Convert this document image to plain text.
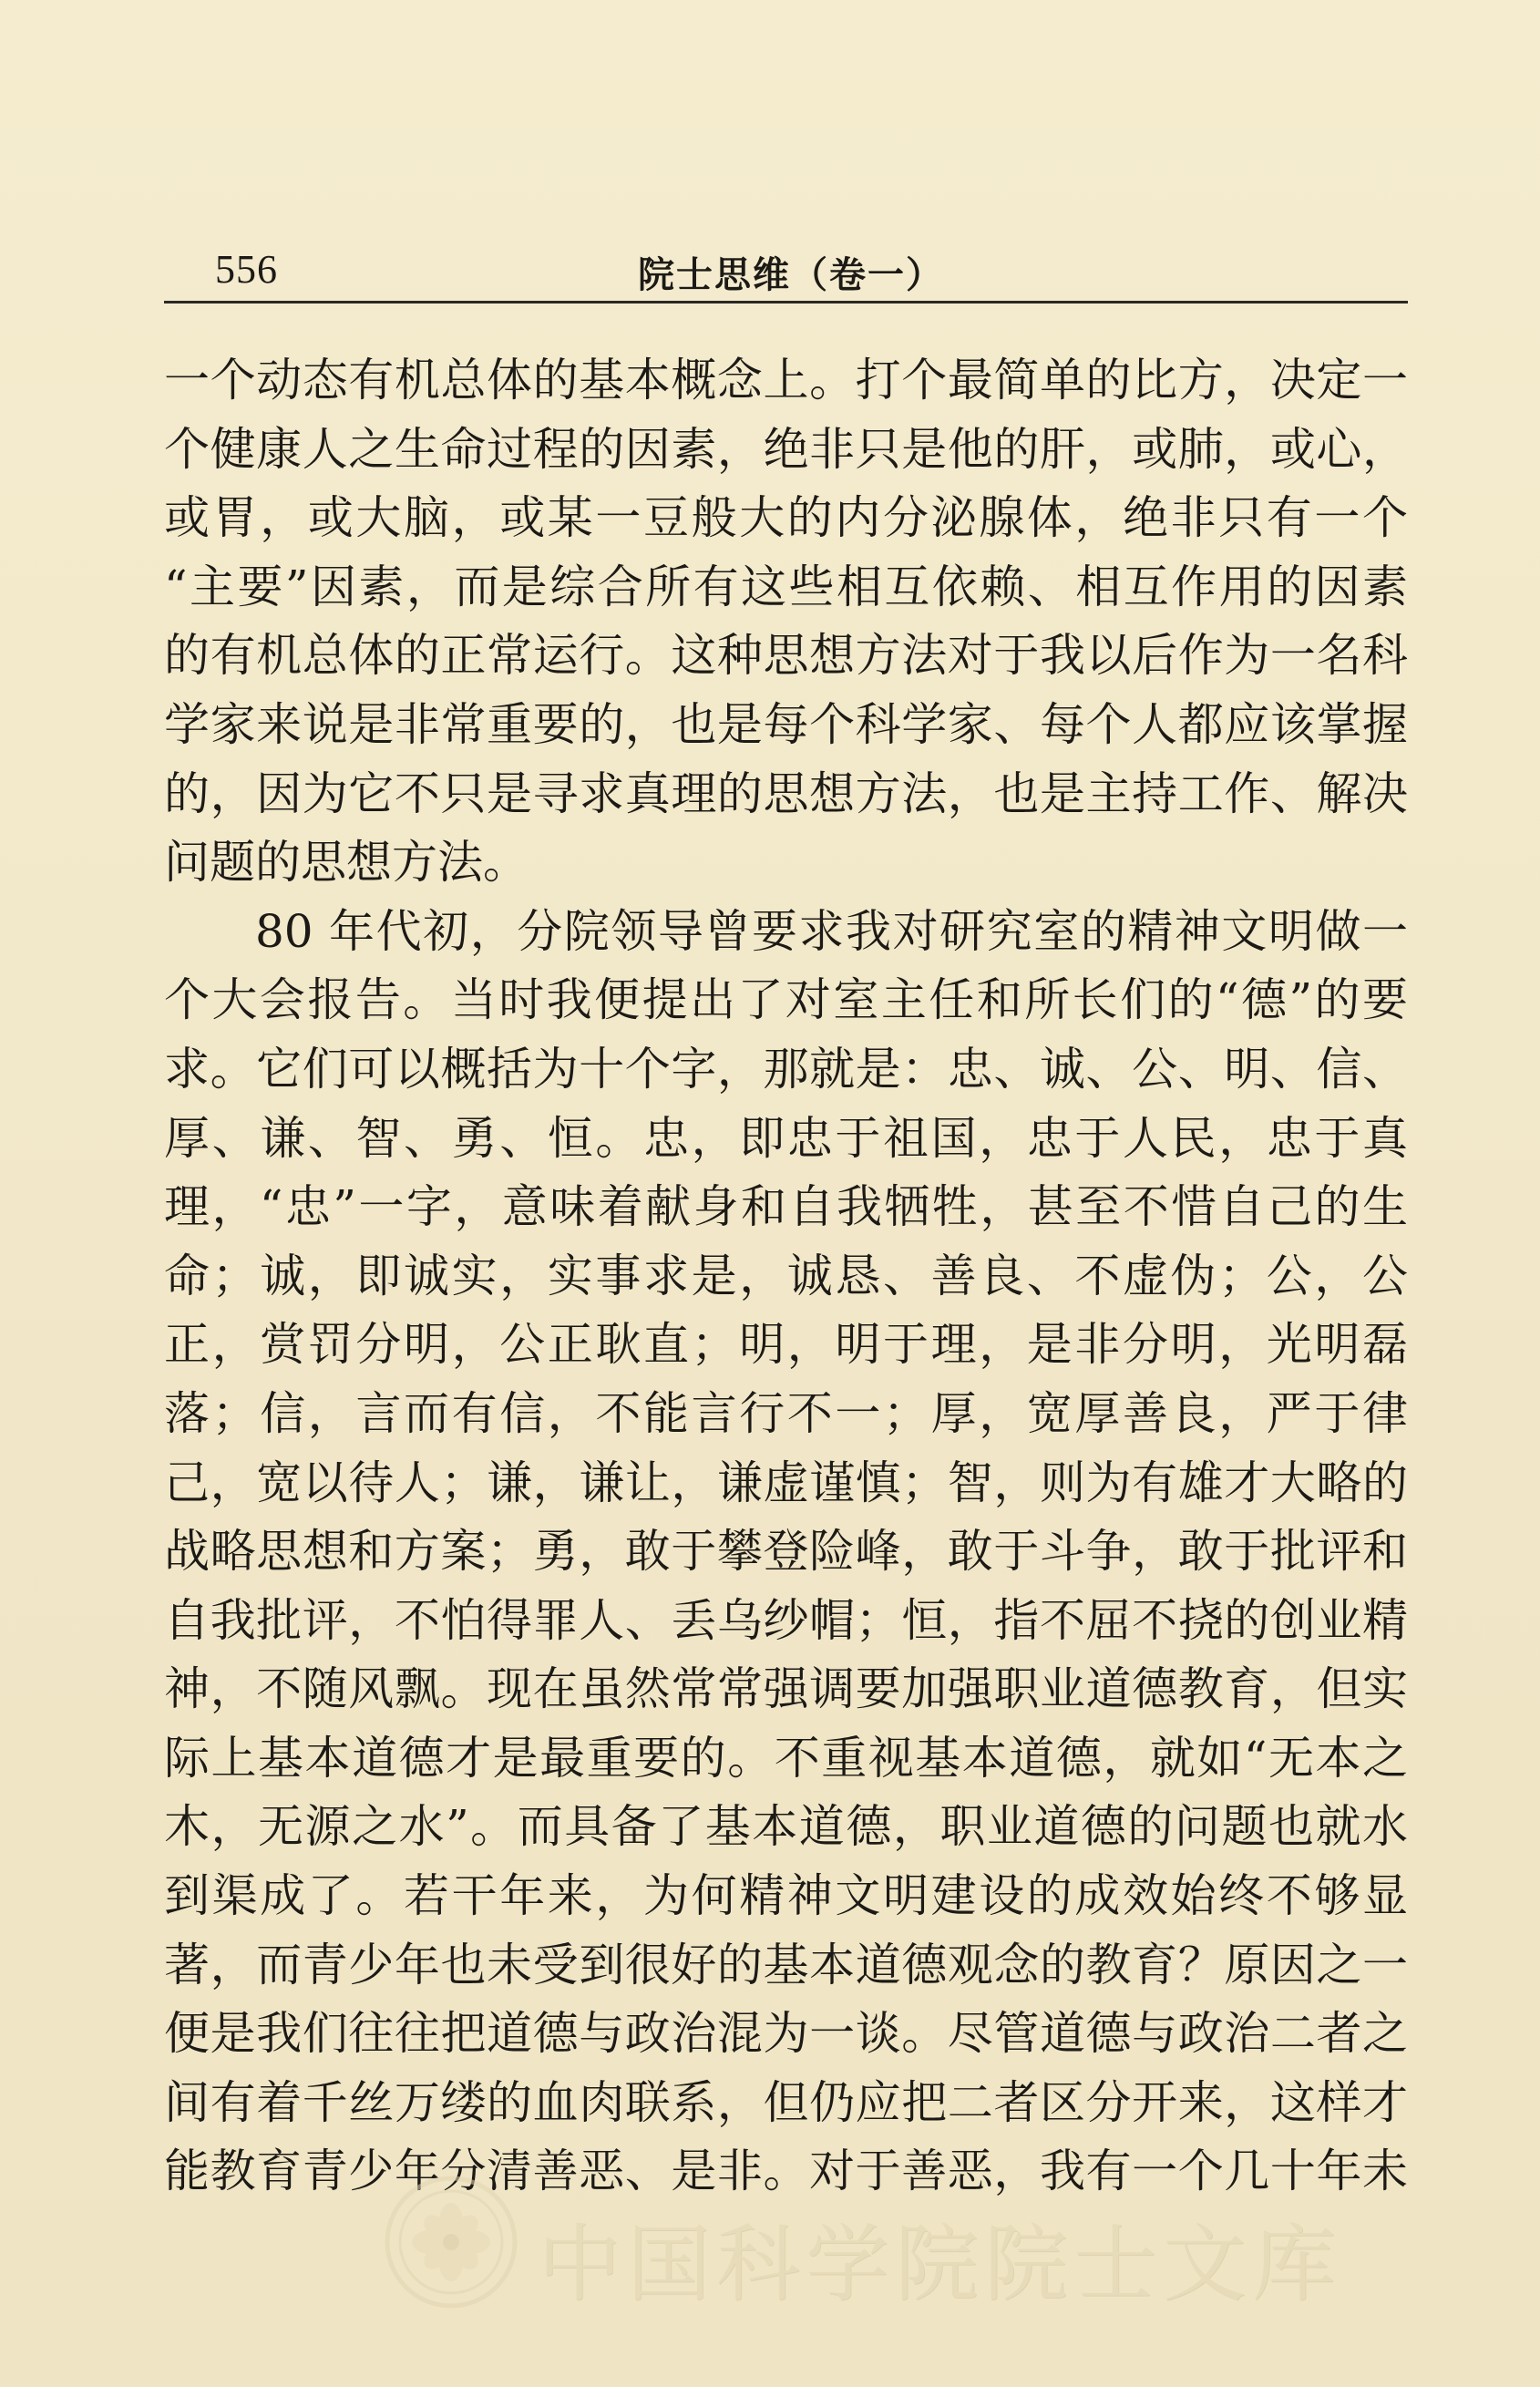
556	院士思维（卷一）
一个动态有机总体的基本概念上。打个最简单的比方，决定一
个健康人之生命过程的因素，绝非只是他的肝，或肺，或心，
或胃，或大脑，或某一豆般大的内分泌腺体，绝非只有一个
“主要”因素，而是综合所有这些相互依赖、相互作用的因素
的有机总体的正常运行。这种思想方法对于我以后作为一名科
学家来说是非常重要的，也是每个科学家、每个人都应该掌握
的，因为它不只是寻求真理的思想方法，也是主持工作、解决
问题的思想方法。
80 年代初，分院领导曾要求我对研究室的精神文明做一
个大会报告。当时我便提出了对室主任和所长们的“德”的要
求。它们可以概括为十个字，那就是：忠、诚、公、明、信、
厚、谦、智、勇、恒。忠，即忠于祖国，忠于人民，忠于真
理，“忠”一字，意味着献身和自我牺牲，甚至不惜自己的生
命；诚，即诚实，实事求是，诚恳、善良、不虚伪；公，公
正，赏罚分明，公正耿直；明，明于理，是非分明，光明磊
落；信，言而有信，不能言行不一；厚，宽厚善良，严于律
己，宽以待人；谦，谦让，谦虚谨慎；智，则为有雄才大略的
战略思想和方案；勇，敢于攀登险峰，敢于斗争，敢于批评和
自我批评，不怕得罪人、丢乌纱帽；恒，指不屈不挠的创业精
神，不随风飘。现在虽然常常强调要加强职业道德教育，但实
际上基本道德才是最重要的。不重视基本道德，就如“无本之
木，无源之水”。而具备了基本道德，职业道德的问题也就水
到渠成了。若干年来，为何精神文明建设的成效始终不够显
著，而青少年也未受到很好的基本道德观念的教育？原因之一
便是我们往往把道德与政治混为一谈。尽管道德与政治二者之
间有着千丝万缕的血肉联系，但仍应把二者区分开来，这样才
能教育青少年分清善恶、是非。对于善恶，我有一个几十年未
中国科学院院士文库
